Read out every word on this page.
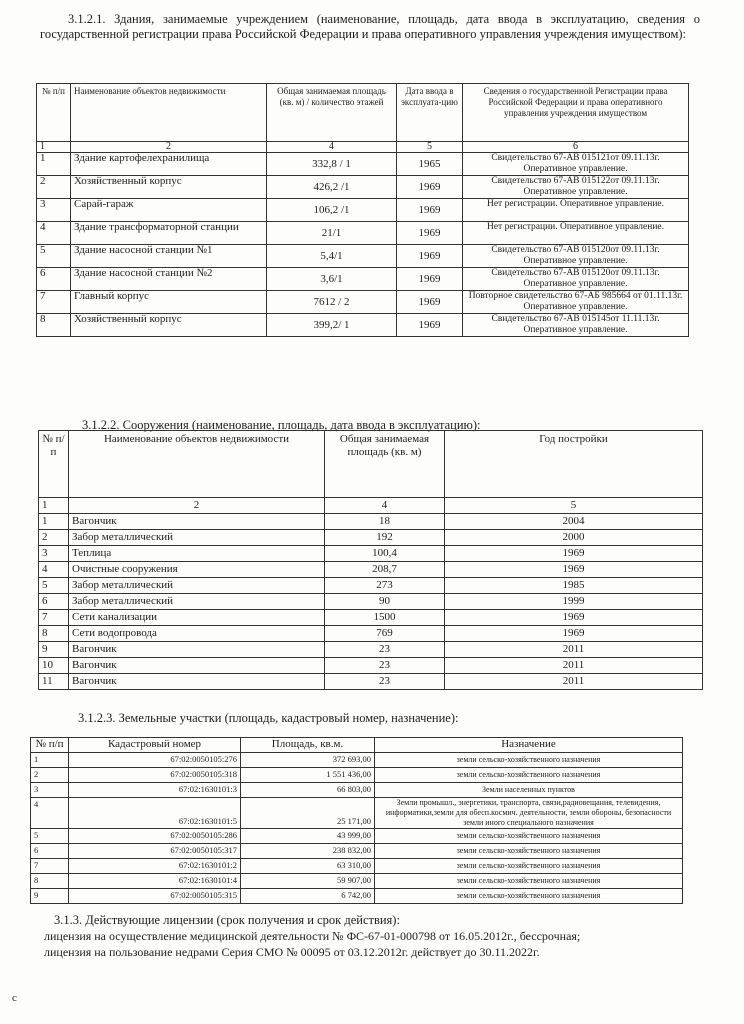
3.1.2.1. Здания, занимаемые учреждением (наименование, площадь, дата ввода в эксплуатацию, сведения о государственной регистрации права Российской Федерации и права оперативного управления учреждения имуществом):
№ п/п	Наименование объектов недвижимости	Общая занимаемая площадь (кв. м) / количество этажей	Дата ввода в эксплуата-цию	Сведения о государственной Регистрации права Российской Федерации и права оперативного управления учреждения имуществом
1	2	4	5	6
1	Здание картофелехранилища	332,8 / 1	1965	Свидетельство 67-АВ 015121от 09.11.13г. Оперативное управление.
2	Хозяйственный корпус	426,2 /1	1969	Свидетельство 67-АВ 015122от 09.11.13г. Оперативное управление.
3	Сарай-гараж	106,2 /1	1969	Нет регистрации. Оперативное управление.
4	Здание трансформаторной станции	21/1	1969	Нет регистрации. Оперативное управление.
5	Здание насосной станции №1	5,4/1	1969	Свидетельство 67-АВ 015120от 09.11.13г. Оперативное управление.
6	Здание насосной станции №2	3,6/1	1969	Свидетельство 67-АВ 015120от 09.11.13г. Оперативное управление.
7	Главный корпус	7612 / 2	1969	Повторное свидетельство 67-АБ 985664 от 01.11.13г. Оперативное управление.
8	Хозяйственный корпус	399,2/ 1	1969	Свидетельство 67-АВ 015145от 11.11.13г. Оперативное управление.
3.1.2.2. Сооружения (наименование, площадь, дата ввода в эксплуатацию):
№ п/п	Наименование объектов недвижимости	Общая занимаемая площадь (кв. м)	Год постройки
1	2	4	5
1	Вагончик	18	2004
2	Забор металлический	192	2000
3	Теплица	100,4	1969
4	Очистные сооружения	208,7	1969
5	Забор металлический	273	1985
6	Забор металлический	90	1999
7	Сети канализации	1500	1969
8	Сети водопровода	769	1969
9	Вагончик	23	2011
10	Вагончик	23	2011
11	Вагончик	23	2011
3.1.2.3. Земельные участки (площадь, кадастровый номер, назначение):
№ п/п	Кадастровый номер	Площадь, кв.м.	Назначение
1	67:02:0050105:276	372 693,00	земли сельско-хозяйственного назначения
2	67:02:0050105:318	1 551 436,00	земли сельско-хозяйственного назначения
3	67:02:1630101:3	66 803,00	Земли населенных пунктов
4	67:02:1630101:5	25 171,00	Земли промышл., энергетики, транспорта, связи,радиовещания, телевидения, информатики,земли для обесп.космич. деятельности, земли обороны, безопасности земли иного специального назначения
5	67:02:0050105:286	43 999,00	земли сельско-хозяйственного назначения
6	67:02:0050105:317	238 832,00	земли сельско-хозяйственного назначения
7	67:02:1630101:2	63 310,00	земли сельско-хозяйственного назначения
8	67:02:1630101:4	59 907,00	земли сельско-хозяйственного назначения
9	67:02:0050105:315	6 742,00	земли сельско-хозяйственного назначения
3.1.3. Действующие лицензии (срок получения и срок действия):
лицензия на осуществление медицинской деятельности № ФС-67-01-000798 от 16.05.2012г., бессрочная;
лицензия на пользование недрами Серия СМО № 00095 от 03.12.2012г. действует до 30.11.2022г.
с
